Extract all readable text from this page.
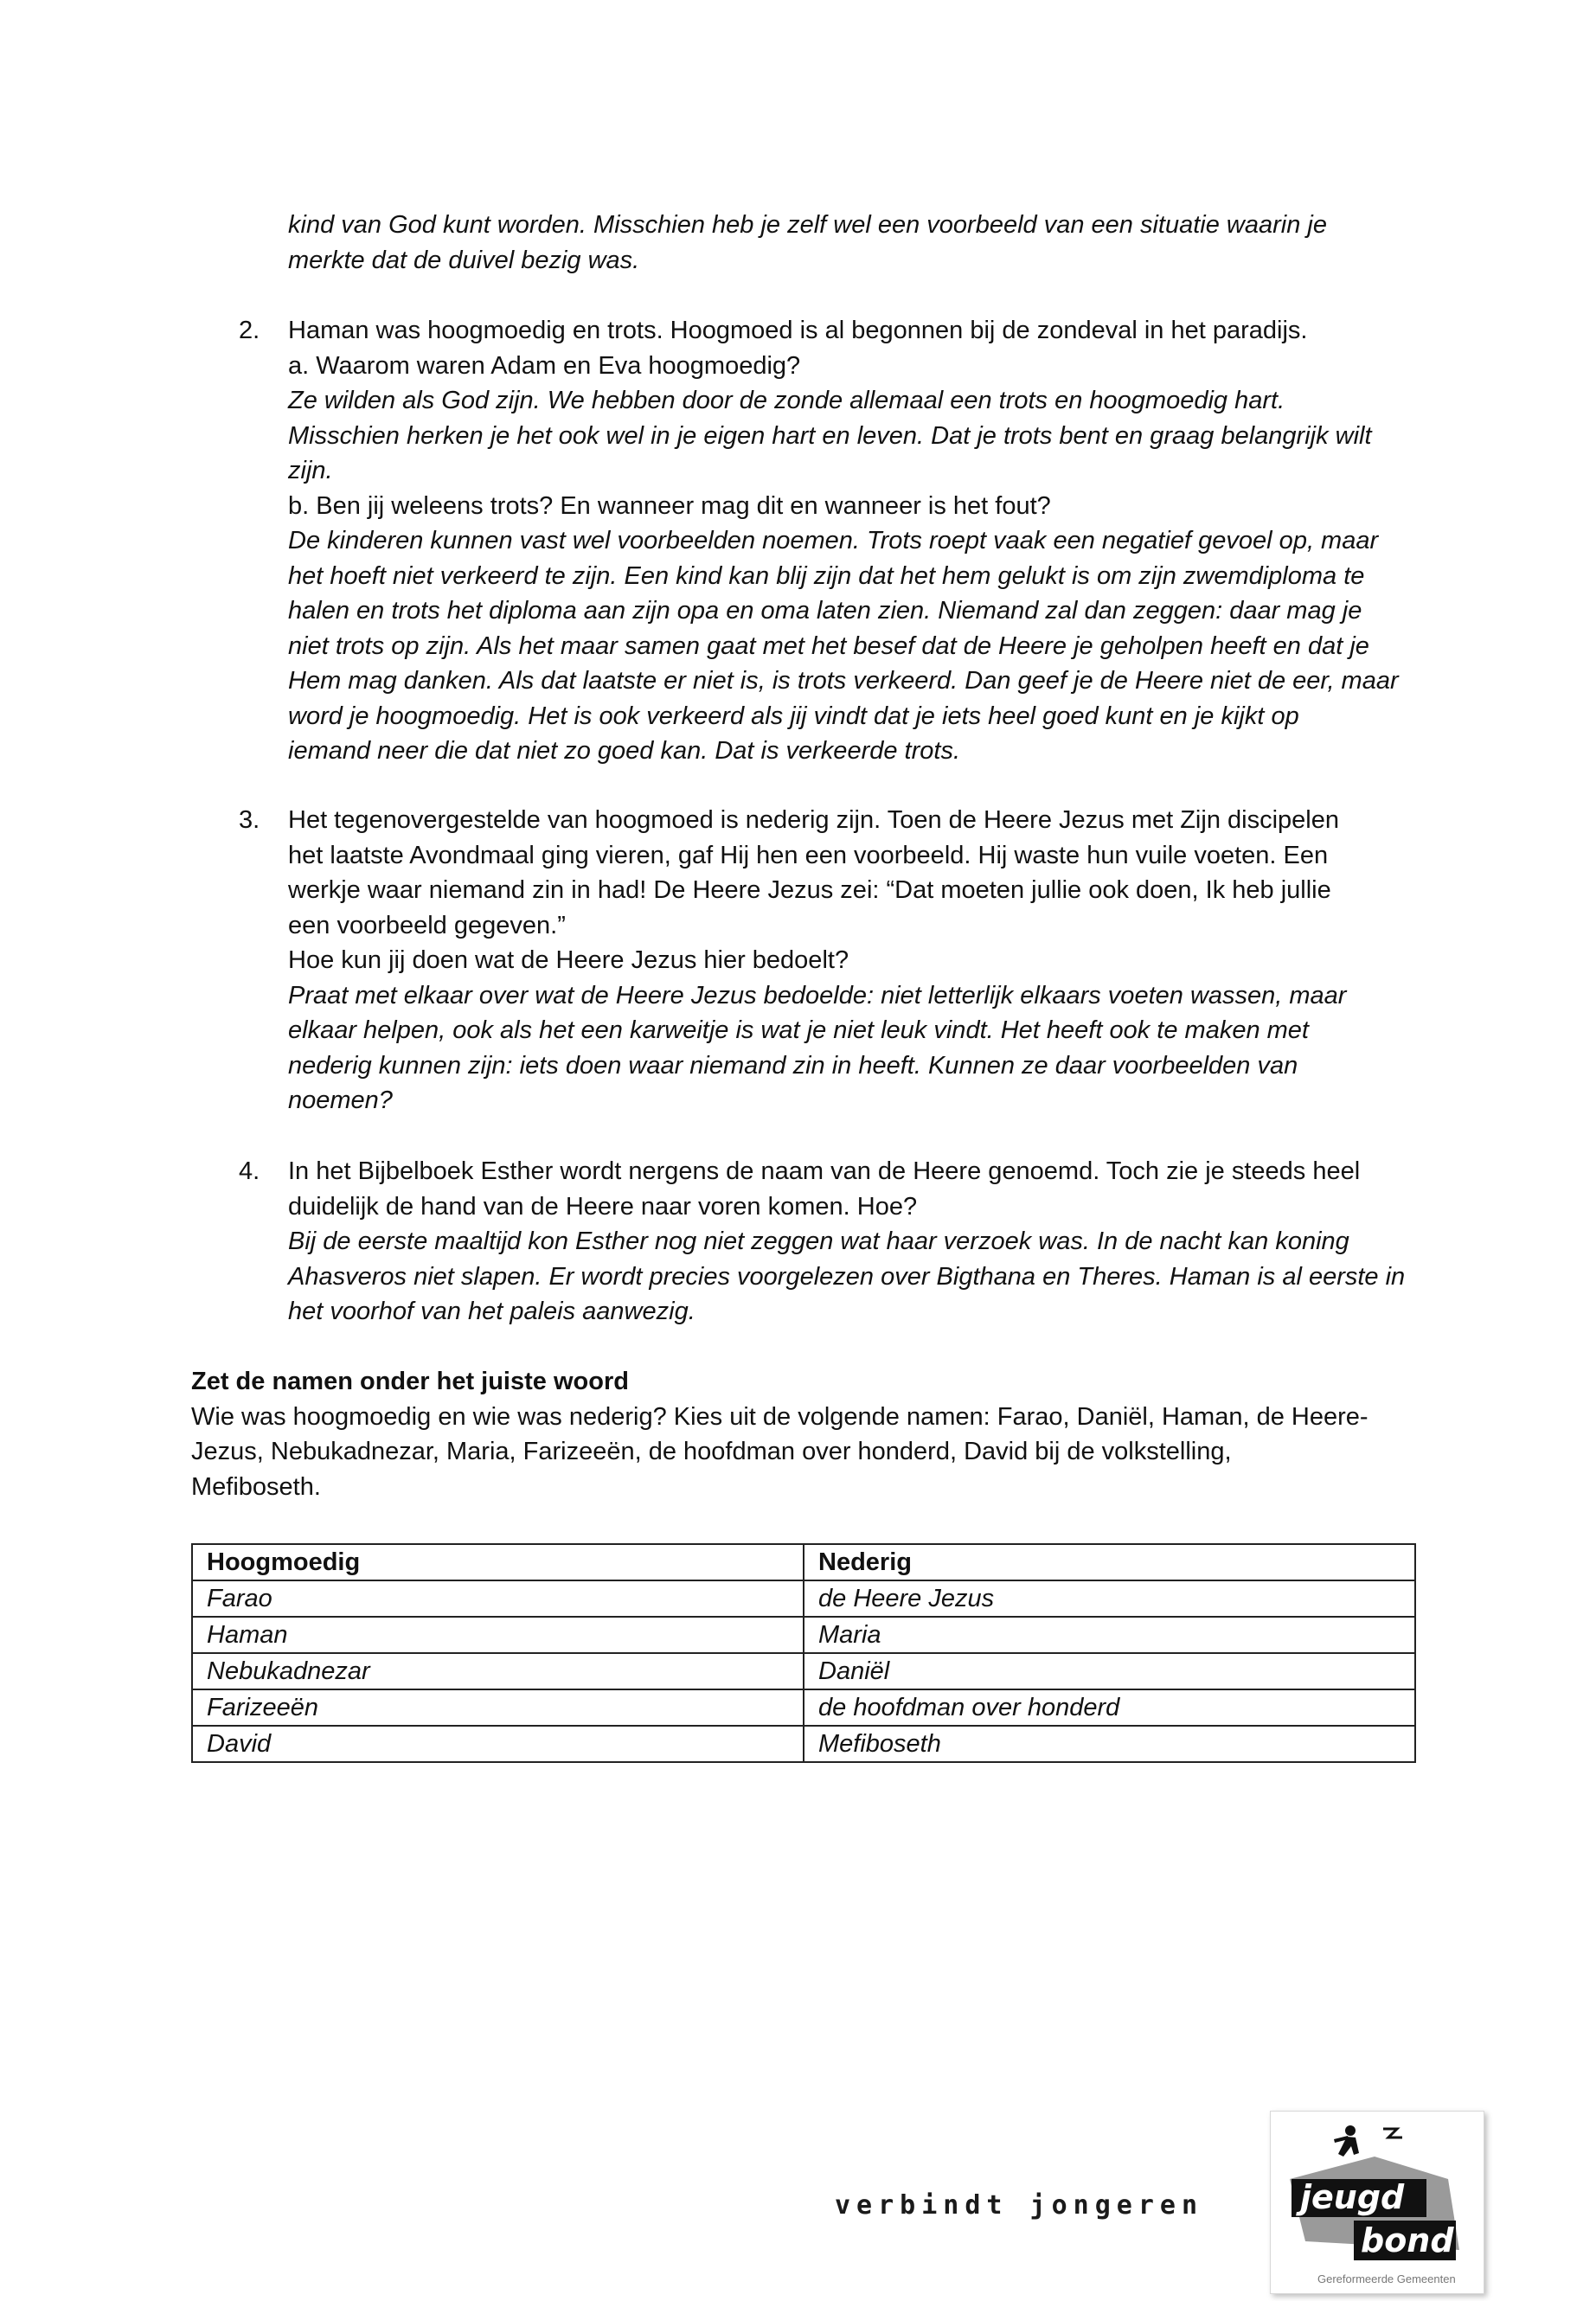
kind van God kunt worden. Misschien heb je zelf wel een voorbeeld van een situatie waarin je

merkte dat de duivel bezig was.

2.	Haman was hoogmoedig en trots. Hoogmoed is al begonnen bij de zondeval in het paradijs.

a. Waarom waren Adam en Eva hoogmoedig?

Ze wilden als God zijn. We hebben door de zonde allemaal een trots en hoogmoedig hart.

Misschien herken je het ook wel in je eigen hart en leven. Dat je trots bent en graag belangrijk wilt

zijn.

b. Ben jij weleens trots? En wanneer mag dit en wanneer is het fout?

De kinderen kunnen vast wel voorbeelden noemen. Trots roept vaak een negatief gevoel op, maar

het hoeft niet verkeerd te zijn. Een kind kan blij zijn dat het hem gelukt is om zijn zwemdiploma te

halen en trots het diploma aan zijn opa en oma laten zien. Niemand zal dan zeggen: daar mag je

niet trots op zijn. Als het maar samen gaat met het besef dat de Heere je geholpen heeft en dat je

Hem mag danken. Als dat laatste er niet is, is trots verkeerd. Dan geef je de Heere niet de eer, maar

word je hoogmoedig. Het is ook verkeerd als jij vindt dat je iets heel goed kunt en je kijkt op

iemand neer die dat niet zo goed kan. Dat is verkeerde trots.

3.	Het tegenovergestelde van hoogmoed is nederig zijn. Toen de Heere Jezus met Zijn discipelen

het laatste Avondmaal ging vieren, gaf Hij hen een voorbeeld. Hij waste hun vuile voeten. Een

werkje waar niemand zin in had! De Heere Jezus zei: “Dat moeten jullie ook doen, Ik heb jullie

een voorbeeld gegeven.”

Hoe kun jij doen wat de Heere Jezus hier bedoelt?

Praat met elkaar over wat de Heere Jezus bedoelde: niet letterlijk elkaars voeten wassen, maar

elkaar helpen, ook als het een karweitje is wat je niet leuk vindt. Het heeft ook te maken met

nederig kunnen zijn: iets doen waar niemand zin in heeft. Kunnen ze daar voorbeelden van

noemen?

4.	In het Bijbelboek Esther wordt nergens de naam van de Heere genoemd. Toch zie je steeds heel

duidelijk de hand van de Heere naar voren komen. Hoe?

Bij de eerste maaltijd kon Esther nog niet zeggen wat haar verzoek was. In de nacht kan koning

Ahasveros niet slapen. Er wordt precies voorgelezen over Bigthana en Theres. Haman is al eerste in

het voorhof van het paleis aanwezig.

Zet de namen onder het juiste woord

Wie was hoogmoedig en wie was nederig? Kies uit de volgende namen: Farao, Daniël, Haman, de Heere-

Jezus, Nebukadnezar, Maria, Farizeeën, de hoofdman over honderd, David bij de volkstelling,

Mefiboseth.

Hoogmoedig	Nederig
Farao	de Heere Jezus
Haman	Maria
Nebukadnezar	Daniël
Farizeeën	de hoofdman over honderd
David	Mefiboseth
verbindt jongeren	jeugd
bond
Gereformeerde Gemeenten
